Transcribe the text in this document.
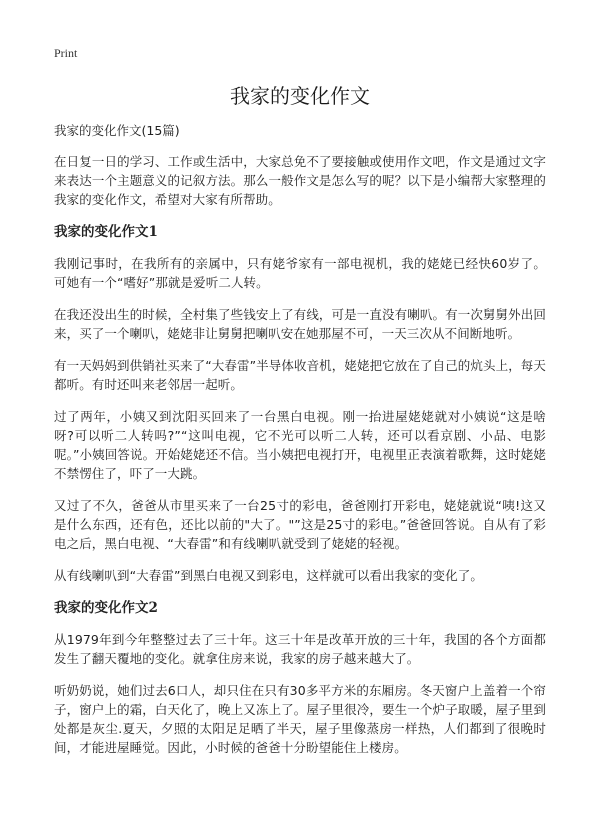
Print
我家的变化作文

我家的变化作文(15篇)

在日复一日的学习、工作或生活中，大家总免不了要接触或使用作文吧，作文是通过文字来表达一个主题意义的记叙方法。那么一般作文是怎么写的呢？以下是小编帮大家整理的我家的变化作文，希望对大家有所帮助。

我家的变化作文1

我刚记事时，在我所有的亲属中，只有姥爷家有一部电视机，我的姥姥已经快60岁了。可她有一个“嗜好”那就是爱听二人转。

在我还没出生的时候，全村集了些钱安上了有线，可是一直没有喇叭。有一次舅舅外出回来，买了一个喇叭，姥姥非让舅舅把喇叭安在她那屋不可，一天三次从不间断地听。

有一天妈妈到供销社买来了“大春雷”半导体收音机，姥姥把它放在了自己的炕头上，每天都听。有时还叫来老邻居一起听。

过了两年，小姨又到沈阳买回来了一台黑白电视。刚一抬进屋姥姥就对小姨说“这是啥呀?可以听二人转吗?”“这叫电视，它不光可以听二人转，还可以看京剧、小品、电影呢。”小姨回答说。开始姥姥还不信。当小姨把电视打开，电视里正表演着歌舞，这时姥姥不禁愣住了，吓了一大跳。

又过了不久，爸爸从市里买来了一台25寸的彩电，爸爸刚打开彩电，姥姥就说“咦!这又是什么东西，还有色，还比以前的"大了。"”这是25寸的彩电。”爸爸回答说。自从有了彩电之后，黑白电视、“大春雷”和有线喇叭就受到了姥姥的轻视。

从有线喇叭到“大春雷”到黑白电视又到彩电，这样就可以看出我家的变化了。

我家的变化作文2

从1979年到今年整整过去了三十年。这三十年是改革开放的三十年，我国的各个方面都发生了翻天覆地的变化。就拿住房来说，我家的房子越来越大了。

听奶奶说，她们过去6口人，却只住在只有30多平方米的东厢房。冬天窗户上盖着一个帘子，窗户上的霜，白天化了，晚上又冻上了。屋子里很冷，要生一个炉子取暖，屋子里到处都是灰尘.夏天，夕照的太阳足足晒了半天，屋子里像蒸房一样热，人们都到了很晚时间，才能进屋睡觉。因此，小时候的爸爸十分盼望能住上楼房。
